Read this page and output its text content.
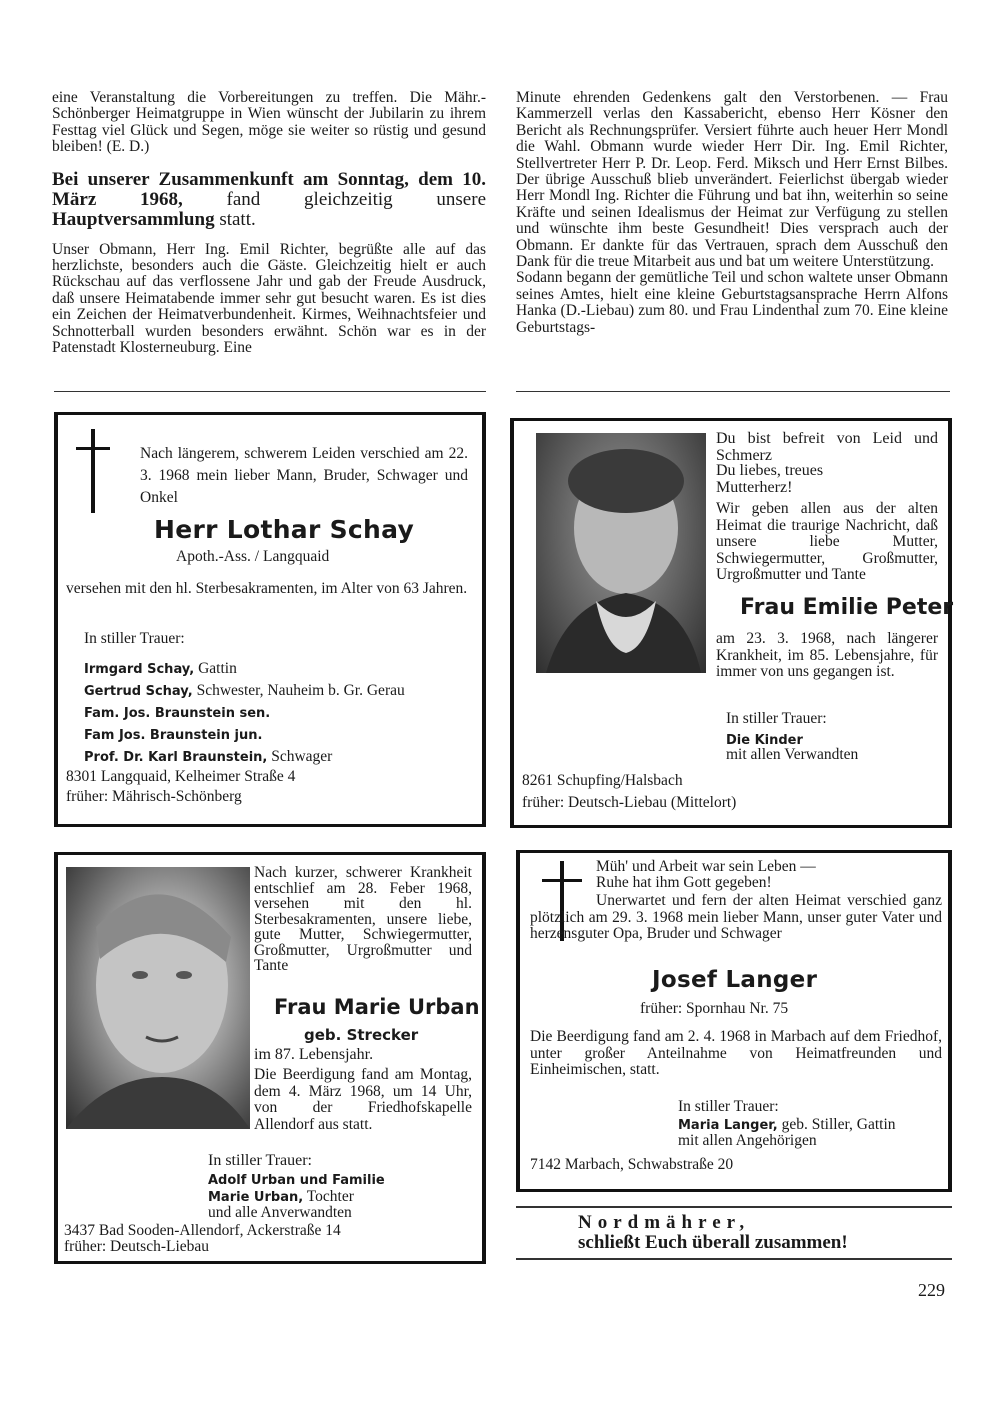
eine Veranstaltung die Vorbereitungen zu treffen. Die Mähr.-Schönberger Heimatgruppe in Wien wünscht der Jubilarin zu ihrem Festtag viel Glück und Segen, möge sie weiter so rüstig und gesund bleiben! (E. D.)

Bei unserer Zusammenkunft am Sonntag, dem 10. März 1968, fand gleichzeitig unsere Hauptversammlung statt.

Unser Obmann, Herr Ing. Emil Richter, begrüßte alle auf das herzlichste, besonders auch die Gäste. Gleichzeitig hielt er auch Rückschau auf das verflossene Jahr und gab der Freude Ausdruck, daß unsere Heimatabende immer sehr gut besucht waren. Es ist dies ein Zeichen der Heimatverbundenheit. Kirmes, Weihnachtsfeier und Schnotterball wurden besonders erwähnt. Schön war es in der Patenstadt Klosterneuburg. Eine

Minute ehrenden Gedenkens galt den Verstorbenen. — Frau Kammerzell verlas den Kassabericht, ebenso Herr Kösner den Bericht als Rechnungsprüfer. Versiert führte auch heuer Herr Mondl die Wahl. Obmann wurde wieder Herr Dir. Ing. Emil Richter, Stellvertreter Herr P. Dr. Leop. Ferd. Miksch und Herr Ernst Bilbes. Der übrige Ausschuß blieb unverändert. Feierlichst übergab wieder Herr Mondl Ing. Richter die Führung und bat ihn, weiterhin so seine Kräfte und seinen Idealismus der Heimat zur Verfügung zu stellen und wünschte ihm beste Gesundheit! Dies versprach auch der Obmann. Er dankte für das Vertrauen, sprach dem Ausschuß den Dank für die treue Mitarbeit aus und bat um weitere Unterstützung.

Sodann begann der gemütliche Teil und schon waltete unser Obmann seines Amtes, hielt eine kleine Geburtstagsansprache Herrn Alfons Hanka (D.-Liebau) zum 80. und Frau Lindenthal zum 70. Eine kleine Geburtstags-

Nach längerem, schwerem Leiden verschied am 22. 3. 1968 mein lieber Mann, Bruder, Schwager und Onkel

Herr Lothar Schay

Apoth.-Ass. / Langquaid

versehen mit den hl. Sterbesakramenten, im Alter von 63 Jahren.

In stiller Trauer:

Irmgard Schay, Gattin
Gertrud Schay, Schwester, Nauheim b. Gr. Gerau
Fam. Jos. Braunstein sen.
Fam Jos. Braunstein jun.
Prof. Dr. Karl Braunstein, Schwager

8301 Langquaid, Kelheimer Straße 4

früher: Mährisch-Schönberg

Du bist befreit von Leid und Schmerz

Du liebes, treues Mutterherz!

Wir geben allen aus der alten Heimat die traurige Nachricht, daß unsere liebe Mutter, Schwiegermutter, Großmutter, Urgroßmutter und Tante

Frau Emilie Peter

am 23. 3. 1968, nach längerer Krankheit, im 85. Lebensjahre, für immer von uns gegangen ist.

In stiller Trauer:

Die Kinder

mit allen Verwandten

8261 Schupfing/Halsbach

früher: Deutsch-Liebau (Mittelort)

Nach kurzer, schwerer Krankheit entschlief am 28. Feber 1968, versehen mit den hl. Sterbesakramenten, unsere liebe, gute Mutter, Schwiegermutter, Großmutter, Urgroßmutter und Tante

Frau Marie Urban

geb. Strecker

im 87. Lebensjahr.

Die Beerdigung fand am Montag, dem 4. März 1968, um 14 Uhr, von der Friedhofskapelle Allendorf aus statt.

In stiller Trauer:

Adolf Urban und Familie

Marie Urban, Tochter

und alle Anverwandten

3437 Bad Sooden-Allendorf, Ackerstraße 14

früher: Deutsch-Liebau

Müh' und Arbeit war sein Leben —

Ruhe hat ihm Gott gegeben!

Unerwartet und fern der alten Heimat verschied ganz plötzlich am 29. 3. 1968 mein lieber Mann, unser guter Vater und herzensguter Opa, Bruder und Schwager

Josef Langer

früher: Spornhau Nr. 75

Die Beerdigung fand am 2. 4. 1968 in Marbach auf dem Friedhof, unter großer Anteilnahme von Heimatfreunden und Einheimischen, statt.

In stiller Trauer:

Maria Langer, geb. Stiller, Gattin

mit allen Angehörigen

7142 Marbach, Schwabstraße 20

Nordmährer,

schließt Euch überall zusammen!

229
